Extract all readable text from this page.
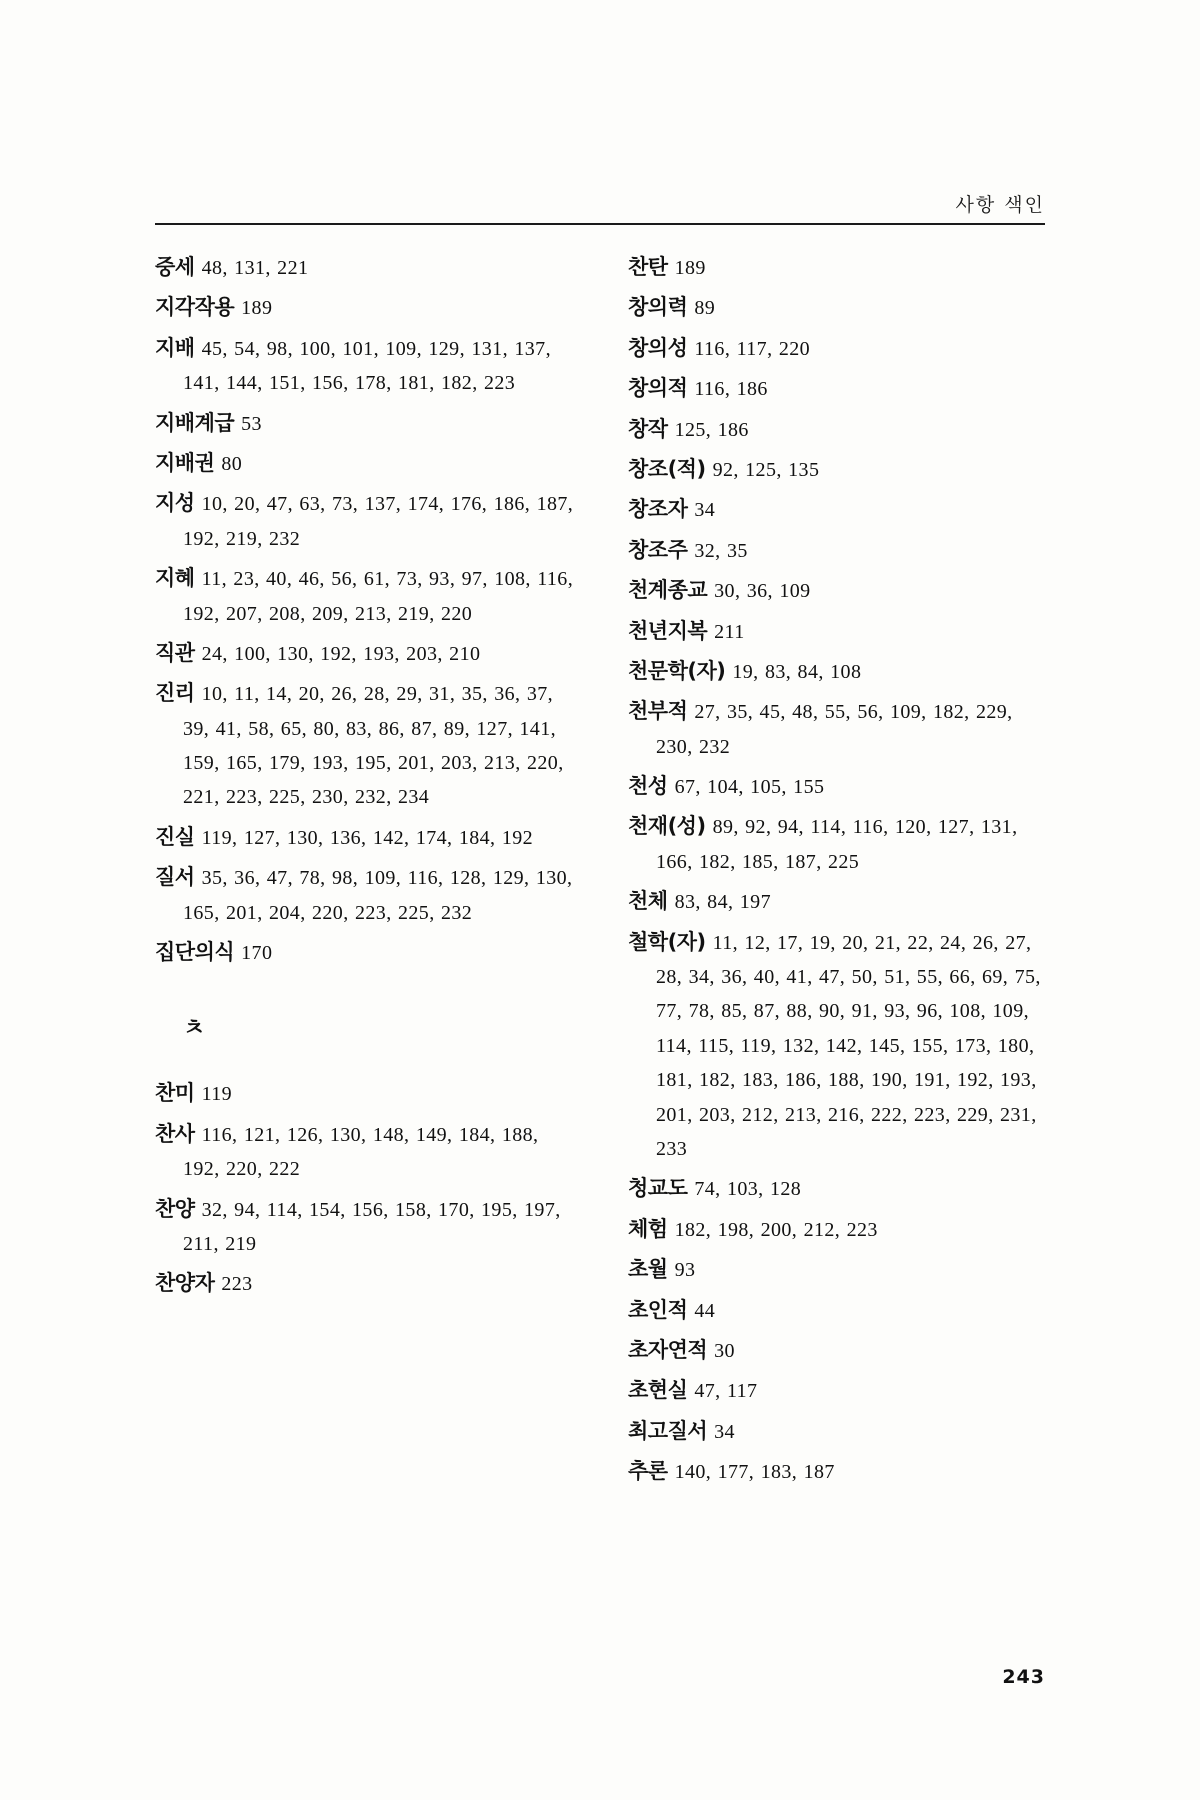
사항 색인
중세 48, 131, 221
지각작용 189
지배 45, 54, 98, 100, 101, 109, 129, 131, 137, 141, 144, 151, 156, 178, 181, 182, 223
지배계급 53
지배권 80
지성 10, 20, 47, 63, 73, 137, 174, 176, 186, 187, 192, 219, 232
지혜 11, 23, 40, 46, 56, 61, 73, 93, 97, 108, 116, 192, 207, 208, 209, 213, 219, 220
직관 24, 100, 130, 192, 193, 203, 210
진리 10, 11, 14, 20, 26, 28, 29, 31, 35, 36, 37, 39, 41, 58, 65, 80, 83, 86, 87, 89, 127, 141, 159, 165, 179, 193, 195, 201, 203, 213, 220, 221, 223, 225, 230, 232, 234
진실 119, 127, 130, 136, 142, 174, 184, 192
질서 35, 36, 47, 78, 98, 109, 116, 128, 129, 130, 165, 201, 204, 220, 223, 225, 232
집단의식 170
ㅊ
찬미 119
찬사 116, 121, 126, 130, 148, 149, 184, 188, 192, 220, 222
찬양 32, 94, 114, 154, 156, 158, 170, 195, 197, 211, 219
찬양자 223
찬탄 189
창의력 89
창의성 116, 117, 220
창의적 116, 186
창작 125, 186
창조(적) 92, 125, 135
창조자 34
창조주 32, 35
천계종교 30, 36, 109
천년지복 211
천문학(자) 19, 83, 84, 108
천부적 27, 35, 45, 48, 55, 56, 109, 182, 229, 230, 232
천성 67, 104, 105, 155
천재(성) 89, 92, 94, 114, 116, 120, 127, 131, 166, 182, 185, 187, 225
천체 83, 84, 197
철학(자) 11, 12, 17, 19, 20, 21, 22, 24, 26, 27, 28, 34, 36, 40, 41, 47, 50, 51, 55, 66, 69, 75, 77, 78, 85, 87, 88, 90, 91, 93, 96, 108, 109, 114, 115, 119, 132, 142, 145, 155, 173, 180, 181, 182, 183, 186, 188, 190, 191, 192, 193, 201, 203, 212, 213, 216, 222, 223, 229, 231, 233
청교도 74, 103, 128
체험 182, 198, 200, 212, 223
초월 93
초인적 44
초자연적 30
초현실 47, 117
최고질서 34
추론 140, 177, 183, 187
243
